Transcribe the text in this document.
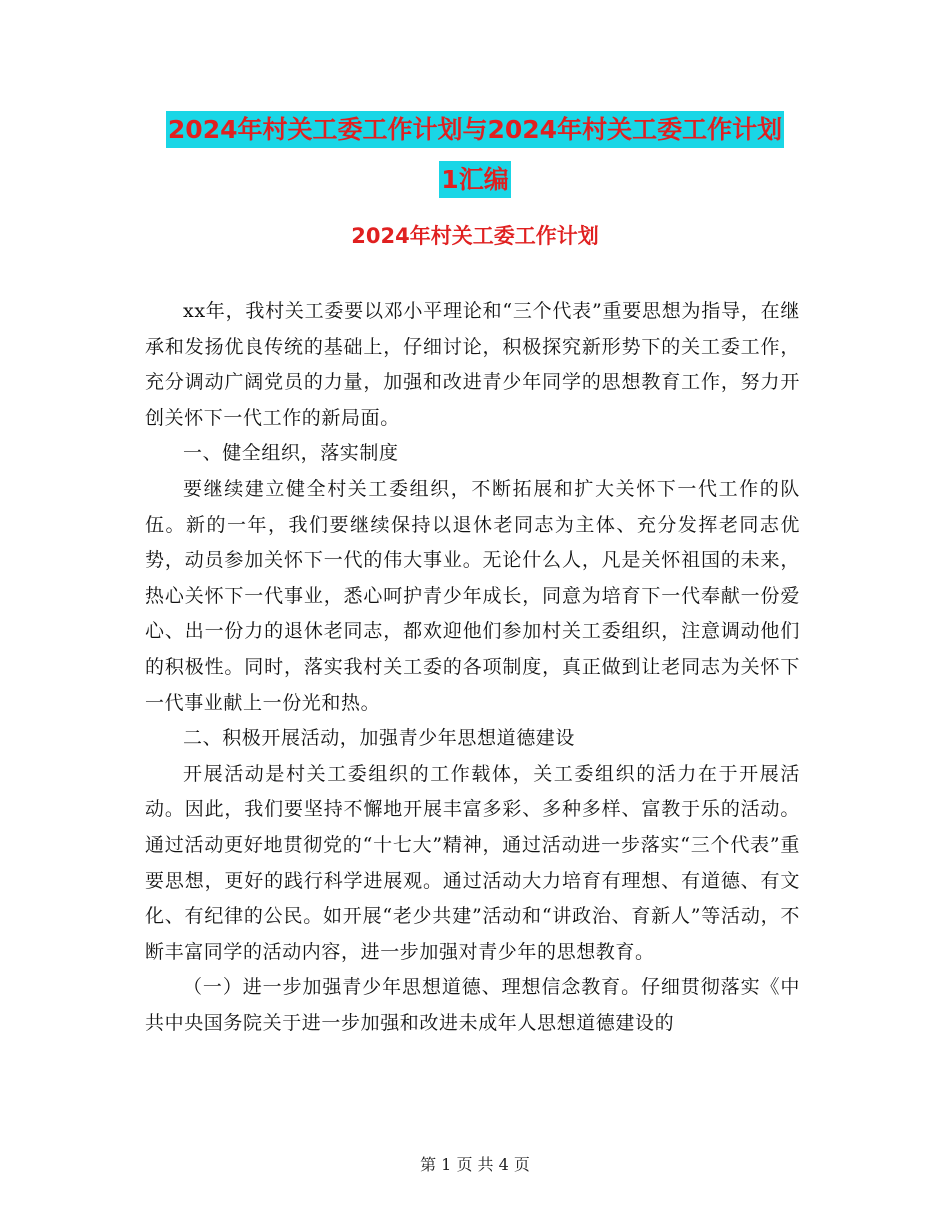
2024年村关工委工作计划与2024年村关工委工作计划
1汇编
2024年村关工委工作计划

xx年，我村关工委要以邓小平理论和“三个代表”重要思想为指导，在继承和发扬优良传统的基础上，仔细讨论，积极探究新形势下的关工委工作，充分调动广阔党员的力量，加强和改进青少年同学的思想教育工作，努力开创关怀下一代工作的新局面。

一、健全组织，落实制度

要继续建立健全村关工委组织，不断拓展和扩大关怀下一代工作的队伍。新的一年，我们要继续保持以退休老同志为主体、充分发挥老同志优势，动员参加关怀下一代的伟大事业。无论什么人，凡是关怀祖国的未来，热心关怀下一代事业，悉心呵护青少年成长，同意为培育下一代奉献一份爱心、出一份力的退休老同志，都欢迎他们参加村关工委组织，注意调动他们的积极性。同时，落实我村关工委的各项制度，真正做到让老同志为关怀下一代事业献上一份光和热。

二、积极开展活动，加强青少年思想道德建设

开展活动是村关工委组织的工作载体，关工委组织的活力在于开展活动。因此，我们要坚持不懈地开展丰富多彩、多种多样、富教于乐的活动。通过活动更好地贯彻党的“十七大”精神，通过活动进一步落实“三个代表”重要思想，更好的践行科学进展观。通过活动大力培育有理想、有道德、有文化、有纪律的公民。如开展“老少共建”活动和“讲政治、育新人”等活动，不断丰富同学的活动内容，进一步加强对青少年的思想教育。

（一）进一步加强青少年思想道德、理想信念教育。仔细贯彻落实《中共中央国务院关于进一步加强和改进未成年人思想道德建设的

第 1 页 共 4 页
